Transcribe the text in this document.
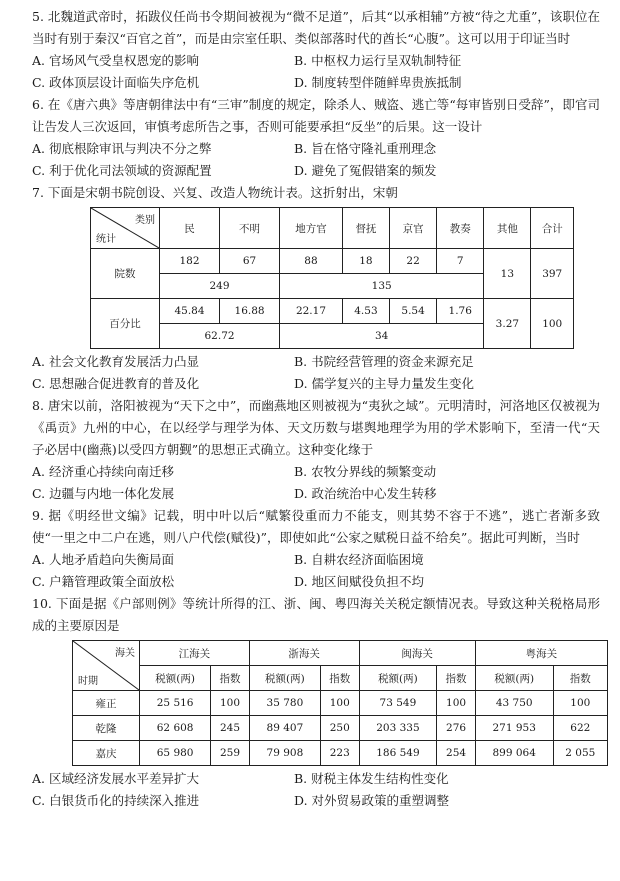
5. 北魏道武帝时，拓跋仪任尚书令期间被视为“微不足道”，后其“以承相辅”方被“待之尤重”，该职位在当时有别于秦汉“百官之首”，而是由宗室任职、类似部落时代的酋长“心腹”。这可以用于印证当时
A. 官场风气受皇权恩宠的影响	B. 中枢权力运行呈双轨制特征
C. 政体顶层设计面临失序危机	D. 制度转型伴随鲜卑贵族抵制
6. 在《唐六典》等唐朝律法中有“三审”制度的规定，除杀人、贼盗、逃亡等“每审皆别日受辞”，即官司让告发人三次返回，审慎考虑所告之事，否则可能要承担“反坐”的后果。这一设计
A. 彻底根除审讯与判决不分之弊	B. 旨在恪守隆礼重刑理念
C. 利于优化司法领域的资源配置	D. 避免了冤假错案的频发
7. 下面是宋朝书院创设、兴复、改造人物统计表。这折射出，宋朝
类别
统计	民	不明	地方官	督抚	京官	教奏	其他	合计
院数	182	67	88	18	22	7	13	397
	249		135					
百分比	45.84	16.88	22.17	4.53	5.54	1.76	3.27	100
	62.72		34					
A. 社会文化教育发展活力凸显	B. 书院经营管理的资金来源充足
C. 思想融合促进教育的普及化	D. 儒学复兴的主导力量发生变化
8. 唐宋以前，洛阳被视为“天下之中”，而幽燕地区则被视为“夷狄之域”。元明清时，河洛地区仅被视为《禹贡》九州的中心，在以经学与理学为体、天文历数与堪舆地理学为用的学术影响下，至清一代“天子必居中(幽燕)以受四方朝觐”的思想正式确立。这种变化缘于
A. 经济重心持续向南迁移	B. 农牧分界线的频繁变动
C. 边疆与内地一体化发展	D. 政治统治中心发生转移
9. 据《明经世文编》记载，明中叶以后“赋繁役重而力不能支，则其势不容于不逃”，逃亡者渐多致使“一里之中二户在逃，则八户代偿(赋役)”，即使如此“公家之赋税日益不给矣”。据此可判断，当时
A. 人地矛盾趋向失衡局面	B. 自耕农经济面临困境
C. 户籍管理政策全面放松	D. 地区间赋役负担不均
10. 下面是据《户部则例》等统计所得的江、浙、闽、粤四海关关税定额情况表。导致这种关税格局形成的主要原因是
海关
时期	江海关		浙海关		闽海关		粤海关	
	税额(两)	指数	税额(两)	指数	税额(两)	指数	税额(两)	指数
雍正	25 516	100	35 780	100	73 549	100	43 750	100
乾隆	62 608	245	89 407	250	203 335	276	271 953	622
嘉庆	65 980	259	79 908	223	186 549	254	899 064	2 055
A. 区域经济发展水平差异扩大	B. 财税主体发生结构性变化
C. 白银货币化的持续深入推进	D. 对外贸易政策的重塑调整
